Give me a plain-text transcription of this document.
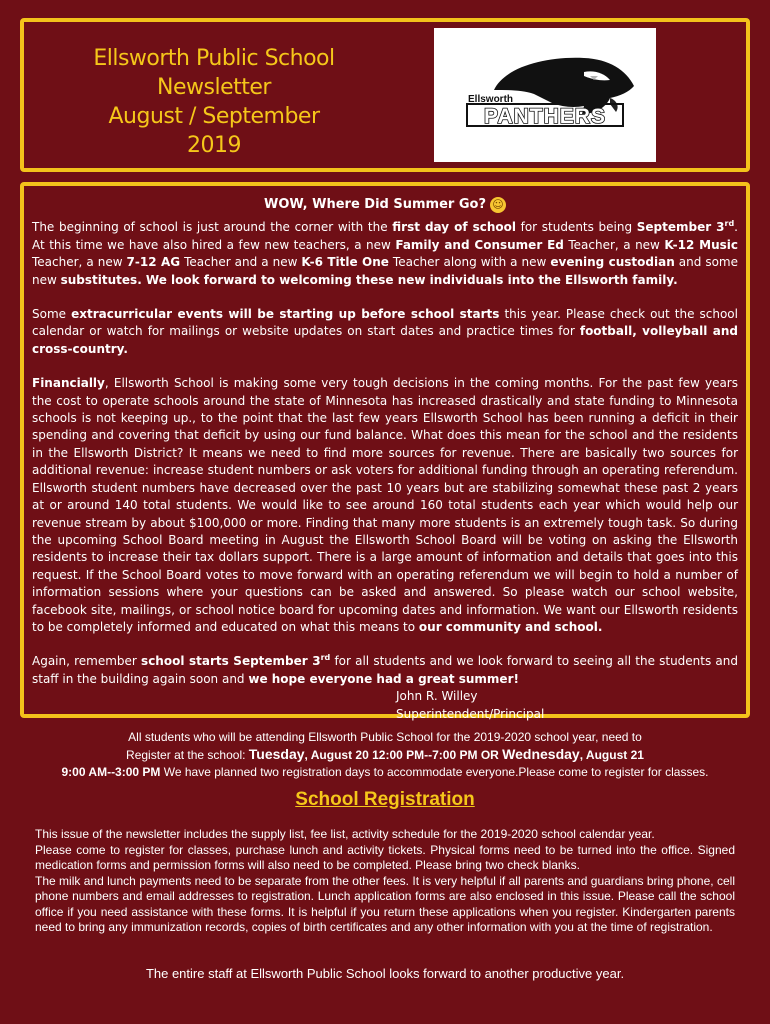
Ellsworth Public School
Newsletter
August / September
2019
Ellsworth
PANTHERS
WOW, Where Did Summer Go? ☺

The beginning of school is just around the corner with the first day of school for students being September 3rd. At this time we have also hired a few new teachers, a new Family and Consumer Ed Teacher, a new K-12 Music Teacher, a new 7-12 AG Teacher and a new K-6 Title One Teacher along with a new evening custodian and some new substitutes. We look forward to welcoming these new individuals into the Ellsworth family.

Some extracurricular events will be starting up before school starts this year. Please check out the school calendar or watch for mailings or website updates on start dates and practice times for football, volleyball and cross-country.

Financially, Ellsworth School is making some very tough decisions in the coming months. For the past few years the cost to operate schools around the state of Minnesota has increased drastically and state funding to Minnesota schools is not keeping up., to the point that the last few years Ellsworth School has been running a deficit in their spending and covering that deficit by using our fund balance. What does this mean for the school and the residents in the Ellsworth District? It means we need to find more sources for revenue. There are basically two sources for additional revenue: increase student numbers or ask voters for additional funding through an operating referendum. Ellsworth student numbers have decreased over the past 10 years but are stabilizing somewhat these past 2 years at or around 140 total students. We would like to see around 160 total students each year which would help our revenue stream by about $100,000 or more. Finding that many more students is an extremely tough task. So during the upcoming School Board meeting in August the Ellsworth School Board will be voting on asking the Ellsworth residents to increase their tax dollars support. There is a large amount of information and details that goes into this request. If the School Board votes to move forward with an operating referendum we will begin to hold a number of information sessions where your questions can be asked and answered. So please watch our school website, facebook site, mailings, or school notice board for upcoming dates and information. We want our Ellsworth residents to be completely informed and educated on what this means to our community and school.

Again, remember school starts September 3rd for all students and we look forward to seeing all the students and staff in the building again soon and we hope everyone had a great summer!

John R. Willey
Superintendent/Principal
All students who will be attending Ellsworth Public School for the 2019-2020 school year, need to
Register at the school: Tuesday, August 20 12:00 PM--7:00 PM OR Wednesday, August 21
9:00 AM--3:00 PM We have planned two registration days to accommodate everyone.Please come to register for classes.
School Registration
This issue of the newsletter includes the supply list, fee list, activity schedule for the 2019-2020 school calendar year.
Please come to register for classes, purchase lunch and activity tickets. Physical forms need to be turned into the office. Signed medication forms and permission forms will also need to be completed. Please bring two check blanks.
The milk and lunch payments need to be separate from the other fees. It is very helpful if all parents and guardians bring phone, cell phone numbers and email addresses to registration. Lunch application forms are also enclosed in this issue. Please call the school office if you need assistance with these forms. It is helpful if you return these applications when you register. Kindergarten parents need to bring any immunization records, copies of birth certificates and any other information with you at the time of registration.
The entire staff at Ellsworth Public School looks forward to another productive year.
